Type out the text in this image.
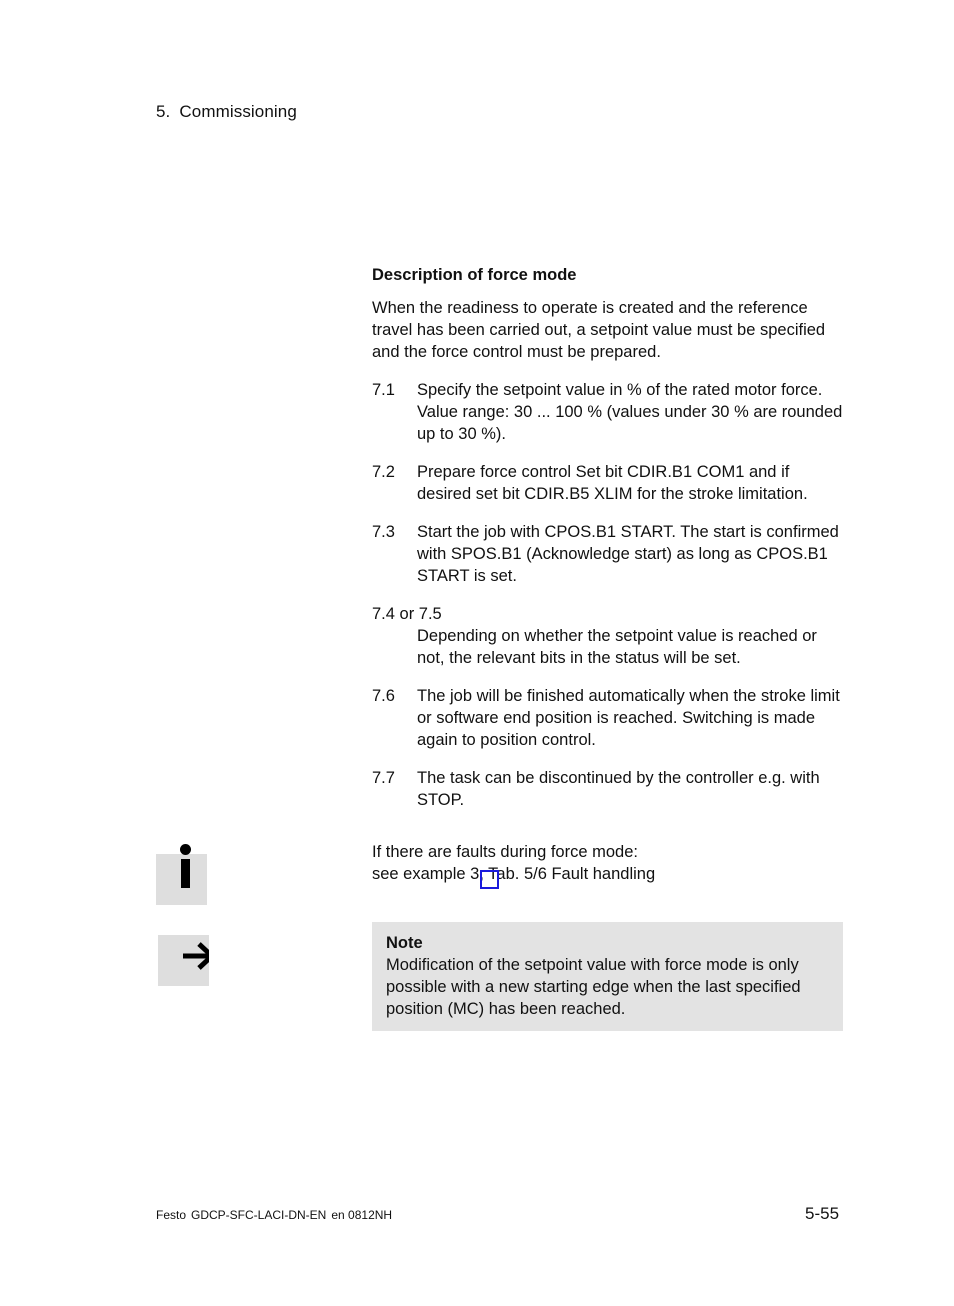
5. Commissioning
Description of force mode
When the readiness to operate is created and the reference travel has been carried out, a setpoint value must be specified and the force control must be prepared.
7.1	Specify the setpoint value in % of the rated motor force. Value range: 30 ... 100 % (values under 30 % are rounded up to 30 %).
7.2	Prepare force control Set bit CDIR.B1 COM1 and if desired set bit CDIR.B5 XLIM for the stroke limitation.
7.3	Start the job with CPOS.B1 START. The start is confirmed with SPOS.B1 (Acknowledge start) as long as CPOS.B1 START is set.
7.4 or 7.5
Depending on whether the setpoint value is reached or not, the relevant bits in the status will be set.
7.6	The job will be finished automatically when the stroke limit or software end position is reached. Switching is made again to position control.
7.7	The task can be discontinued by the controller e.g. with STOP.
If there are faults during force mode:
see example 3, Tab. 5/6 Fault handling
Note
Modification of the setpoint value with force mode is only possible with a new starting edge when the last specified position (MC) has been reached.
Festo GDCP-SFC-LACI-DN-EN en 0812NH	5-55
